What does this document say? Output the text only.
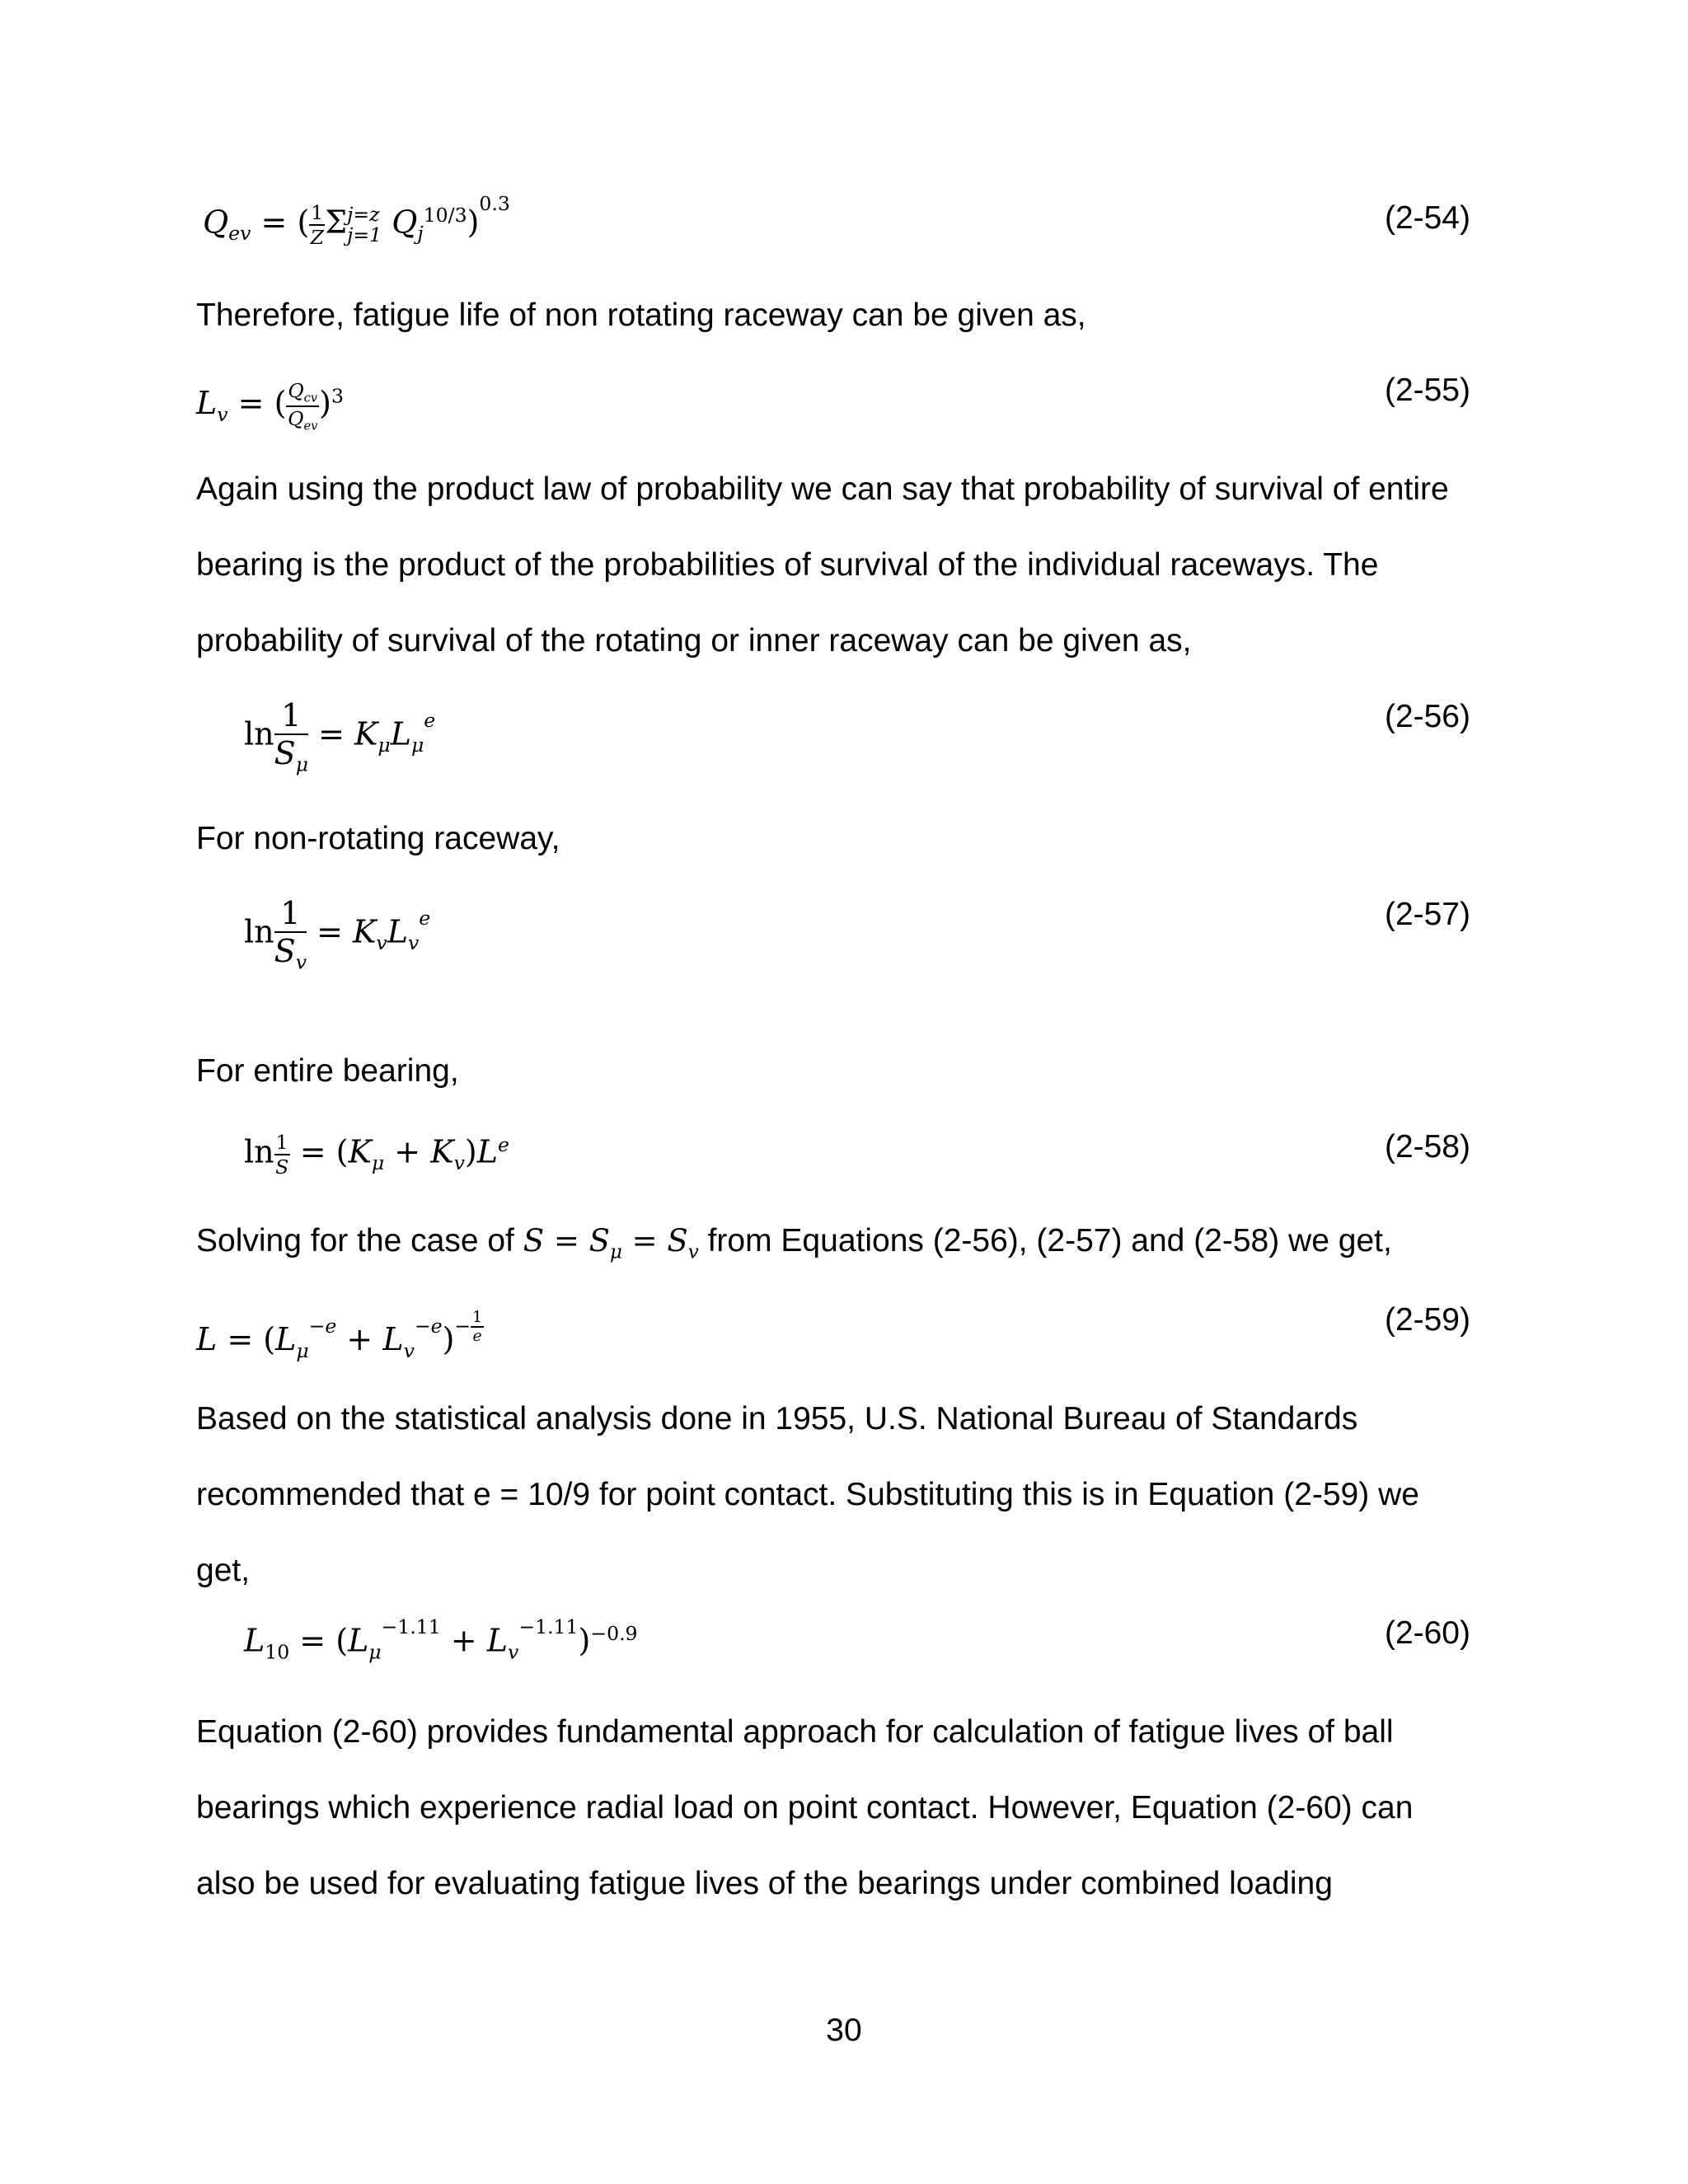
$Q_{ev}$ = ( $\frac{1}{Z}$ Σ j=z
j=1 $Q_j^{10/3})^{0.3}$	(2-54)
Therefore, fatigue life of non rotating raceway can be given as,
$L_v$ = ( $\frac{Q_{cv}}{Q_{ev}} )^3$	(2-55)
Again using the product law of probability we can say that probability of survival of entire
bearing is the product of the probabilities of survival of the individual raceways. The
probability of survival of the rotating or inner raceway can be given as,
$\ln \frac{1}{S_\mu} = K_\mu L_\mu^e$	(2-56)
For non-rotating raceway,
$\ln \frac{1}{S_v} = K_vL_v^e$	(2-57)
For entire bearing,
$\ln \frac{1}{S} = (K_\mu + K_v)L^e$	(2-58)
Solving for the case of $S = S_\mu = S_v$ from Equations (2-56), (2-57) and (2-58) we get,
$L = (L_\mu^{-e} + L_v^{-e})^{- \frac{1}{e}}$	(2-59)
Based on the statistical analysis done in 1955, U.S. National Bureau of Standards
recommended that e = 10/9 for point contact. Substituting this is in Equation (2-59) we
get,
$L_{10} = (L_\mu^{-1.11} + L_v^{-1.11})^{-0.9}$	(2-60)
Equation (2-60) provides fundamental approach for calculation of fatigue lives of ball
bearings which experience radial load on point contact. However, Equation (2-60) can
also be used for evaluating fatigue lives of the bearings under combined loading
30
